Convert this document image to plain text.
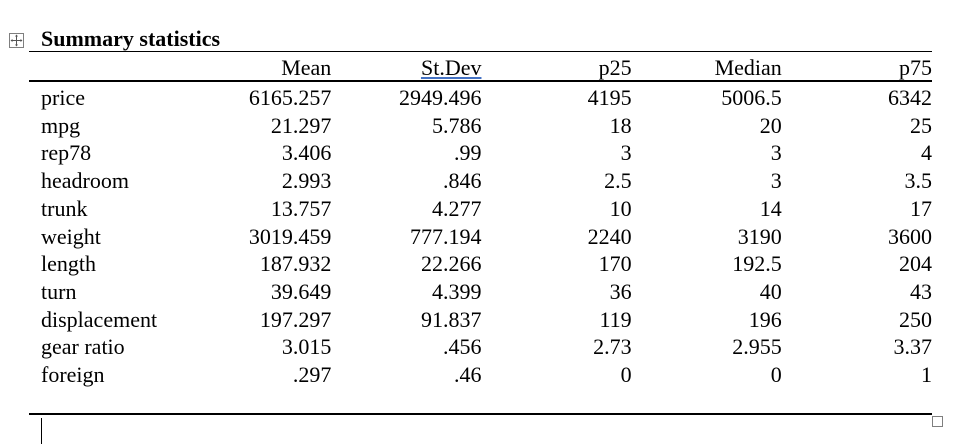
Summary statistics
	Mean	St.Dev	p25	Median	p75
price	6165.257	2949.496	4195	5006.5	6342
mpg	21.297	5.786	18	20	25
rep78	3.406	.99	3	3	4
headroom	2.993	.846	2.5	3	3.5
trunk	13.757	4.277	10	14	17
weight	3019.459	777.194	2240	3190	3600
length	187.932	22.266	170	192.5	204
turn	39.649	4.399	36	40	43
displacement	197.297	91.837	119	196	250
gear ratio	3.015	.456	2.73	2.955	3.37
foreign	.297	.46	0	0	1
